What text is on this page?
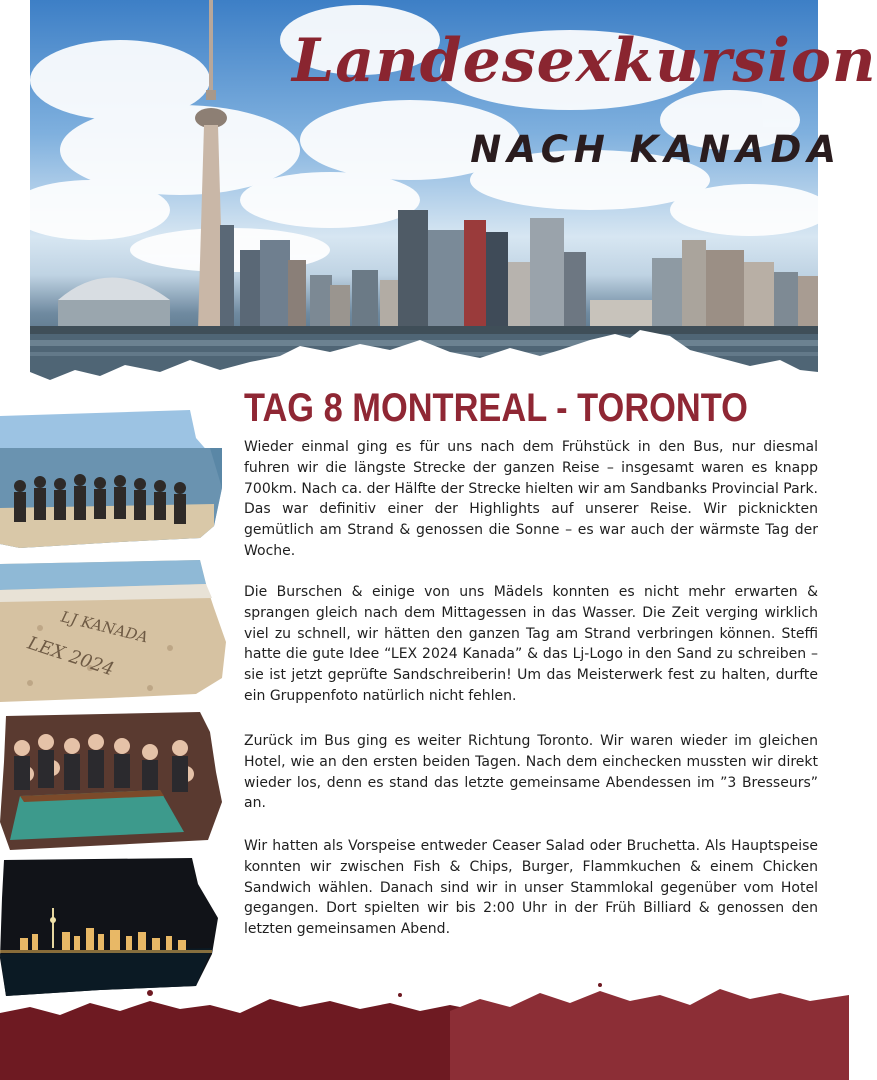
Landesexkursion
NACH KANADA
LJ KANADA
LEX 2024
TAG 8 MONTREAL - TORONTO

Wieder einmal ging es für uns nach dem Frühstück in den Bus, nur diesmal fuhren wir die längste Strecke der ganzen Reise – insgesamt waren es knapp 700km. Nach ca. der Hälfte der Strecke hielten wir am Sandbanks Provincial Park. Das war definitiv einer der Highlights auf unserer Reise. Wir picknickten gemütlich am Strand & genossen die Sonne – es war auch der wärmste Tag der Woche.

Die Burschen & einige von uns Mädels konnten es nicht mehr erwarten & sprangen gleich nach dem Mittagessen in das Wasser. Die Zeit verging wirklich viel zu schnell, wir hätten den ganzen Tag am Strand verbringen können. Steffi hatte die gute Idee “LEX 2024 Kanada” & das Lj-Logo in den Sand zu schreiben – sie ist jetzt geprüfte Sandschreiberin! Um das Meisterwerk fest zu halten, durfte ein Gruppenfoto natürlich nicht fehlen.

Zurück im Bus ging es weiter Richtung Toronto. Wir waren wieder im gleichen Hotel, wie an den ersten beiden Tagen. Nach dem einchecken mussten wir direkt wieder los, denn es stand das letzte gemeinsame Abendessen im ”3 Bresseurs” an.

Wir hatten als Vorspeise entweder Ceaser Salad oder Bruchetta. Als Hauptspeise konnten wir zwischen Fish & Chips, Burger, Flammkuchen & einem Chicken Sandwich wählen. Danach sind wir in unser Stammlokal gegenüber vom Hotel gegangen. Dort spielten wir bis 2:00 Uhr in der Früh Billiard & genossen den letzten gemeinsamen Abend.
